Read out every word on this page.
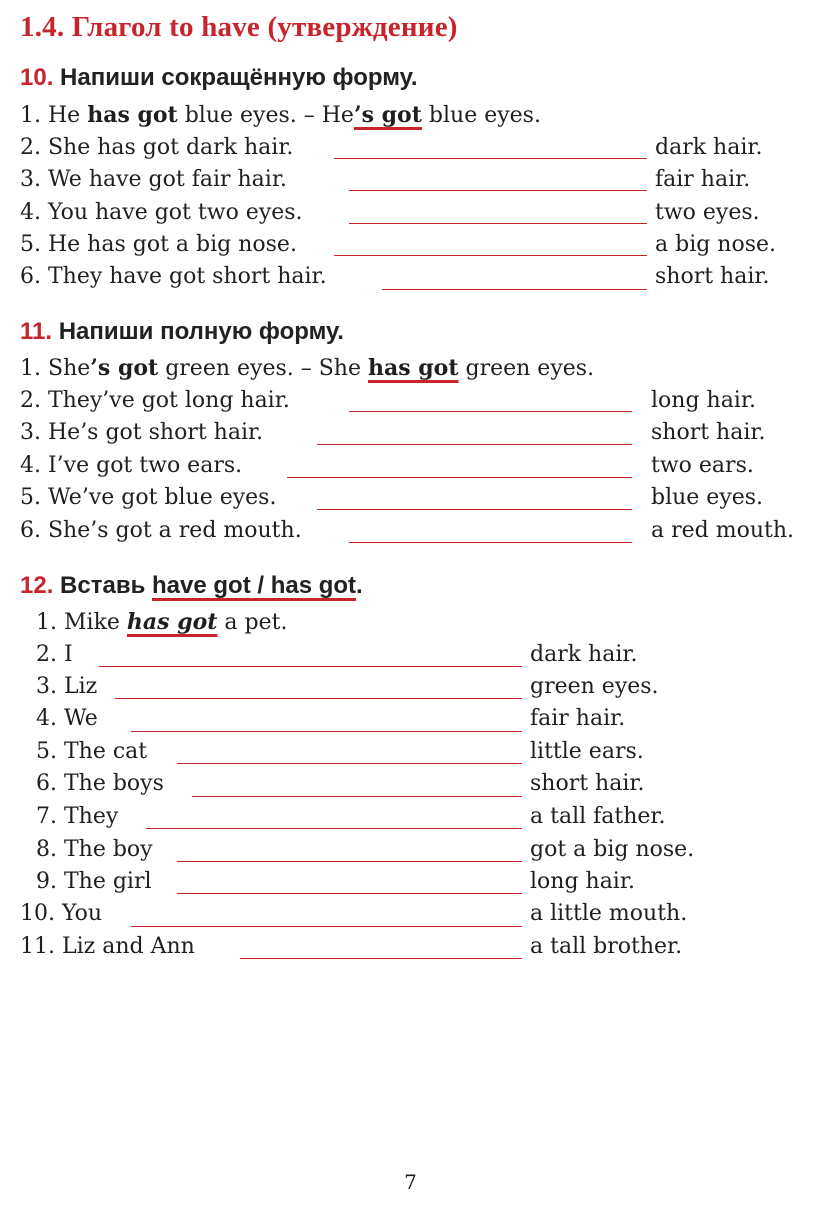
1.4. Глагол to have (утверждение)
10. Напиши сокращённую форму.
1. He has got blue eyes. – He’s got blue eyes.
2. She has got dark hair.	dark hair.
3. We have got fair hair.	fair hair.
4. You have got two eyes.	two eyes.
5. He has got a big nose.	a big nose.
6. They have got short hair.	short hair.
11. Напиши полную форму.
1. She’s got green eyes. – She has got green eyes.
2. They’ve got long hair.	long hair.
3. He’s got short hair.	short hair.
4. I’ve got two ears.	two ears.
5. We’ve got blue eyes.	blue eyes.
6. She’s got a red mouth.	a red mouth.
12. Вставь have got / has got.
1. Mike has got a pet.
2. I	dark hair.
3. Liz	green eyes.
4. We	fair hair.
5. The cat	little ears.
6. The boys	short hair.
7. They	a tall father.
8. The boy	got a big nose.
9. The girl	long hair.
10. You	a little mouth.
11. Liz and Ann	a tall brother.
7
